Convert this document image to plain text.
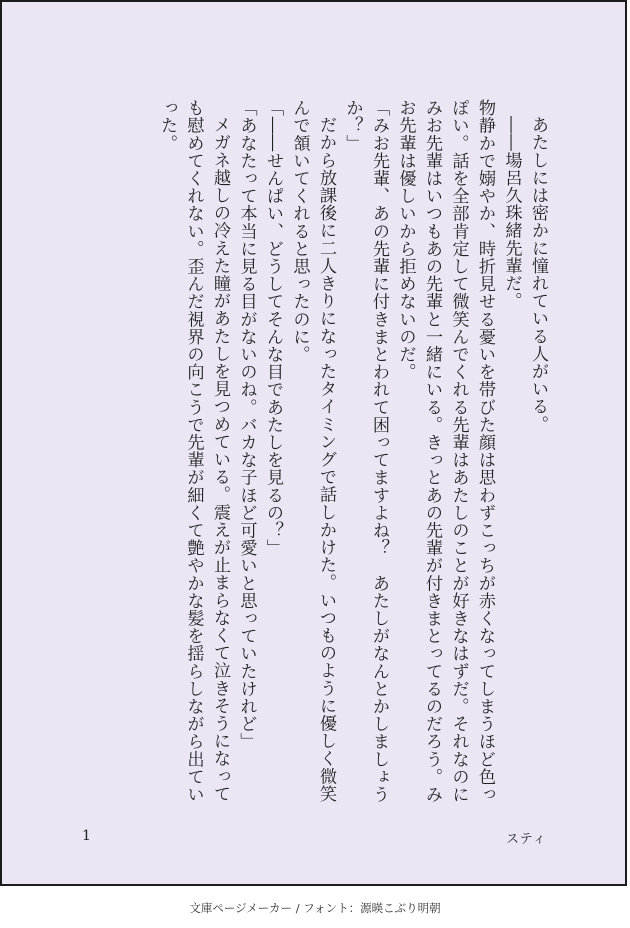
あたしには密かに憧れている人がいる。

――場呂久珠緒先輩だ。

物静かで嫋やか、時折見せる憂いを帯びた顔は思わずこっちが赤くなってしまうほど色っぽい。話を全部肯定して微笑んでくれる先輩はあたしのことが好きなはずだ。それなのにみお先輩はいつもあの先輩と一緒にいる。きっとあの先輩が付きまとってるのだろう。みお先輩は優しいから拒めないのだ。

「みお先輩、あの先輩に付きまとわれて困ってますよね？　あたしがなんとかしましょうか？」

だから放課後に二人きりになったタイミングで話しかけた。いつものように優しく微笑んで頷いてくれると思ったのに。

「――せんぱい、どうしてそんな目であたしを見るの？」

「あなたって本当に見る目がないのね。バカな子ほど可愛いと思っていたけれど」

メガネ越しの冷えた瞳があたしを見つめている。震えが止まらなくて泣きそうになっても慰めてくれない。歪んだ視界の向こうで先輩が細くて艶やかな髪を揺らしながら出ていった。

1	スティ
文庫ページメーカー / フォント：源暎こぶり明朝
